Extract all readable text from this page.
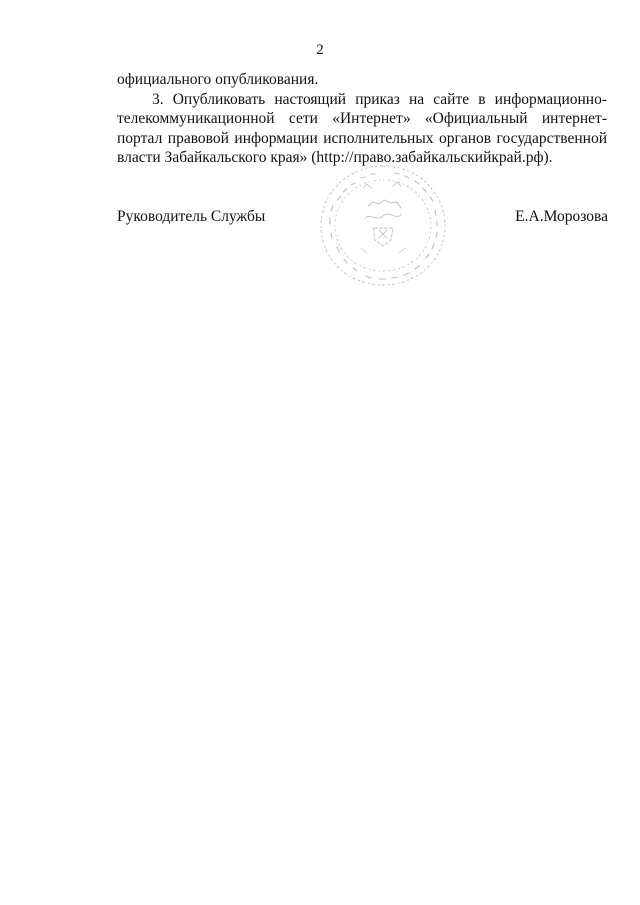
2

официального опубликования.

3. Опубликовать настоящий приказ на сайте в информационно-телекоммуникационной сети «Интернет» «Официальный интернет-портал правовой информации исполнительных органов государственной власти Забайкальского края» (http://право.забайкальскийкрай.рф).

Руководитель Службы	Е.А.Морозова
